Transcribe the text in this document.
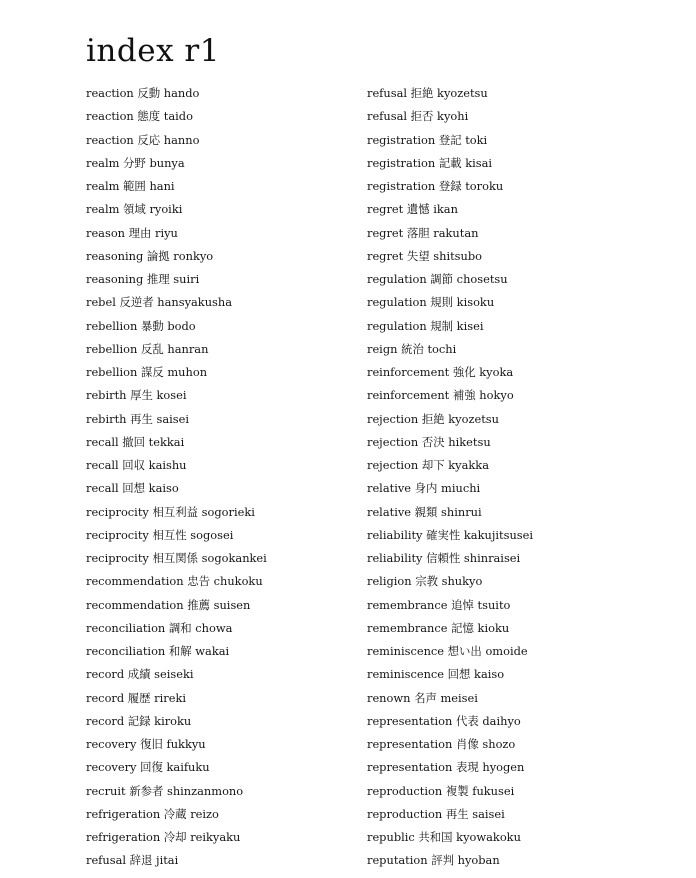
index r1
reaction 反動 hando
reaction 態度 taido
reaction 反応 hanno
realm 分野 bunya
realm 範囲 hani
realm 領域 ryoiki
reason 理由 riyu
reasoning 論拠 ronkyo
reasoning 推理 suiri
rebel 反逆者 hansyakusha
rebellion 暴動 bodo
rebellion 反乱 hanran
rebellion 謀反 muhon
rebirth 厚生 kosei
rebirth 再生 saisei
recall 撤回 tekkai
recall 回収 kaishu
recall 回想 kaiso
reciprocity 相互利益 sogorieki
reciprocity 相互性 sogosei
reciprocity 相互関係 sogokankei
recommendation 忠告 chukoku
recommendation 推薦 suisen
reconciliation 調和 chowa
reconciliation 和解 wakai
record 成績 seiseki
record 履歴 rireki
record 記録 kiroku
recovery 復旧 fukkyu
recovery 回復 kaifuku
recruit 新参者 shinzanmono
refrigeration 冷蔵 reizo
refrigeration 冷却 reikyaku
refusal 辞退 jitai
refusal 拒絶 kyozetsu
refusal 拒否 kyohi
registration 登記 toki
registration 記載 kisai
registration 登録 toroku
regret 遺憾 ikan
regret 落胆 rakutan
regret 失望 shitsubo
regulation 調節 chosetsu
regulation 規則 kisoku
regulation 規制 kisei
reign 統治 tochi
reinforcement 強化 kyoka
reinforcement 補強 hokyo
rejection 拒絶 kyozetsu
rejection 否決 hiketsu
rejection 却下 kyakka
relative 身内 miuchi
relative 親類 shinrui
reliability 確実性 kakujitsusei
reliability 信頼性 shinraisei
religion 宗教 shukyo
remembrance 追悼 tsuito
remembrance 記憶 kioku
reminiscence 想い出 omoide
reminiscence 回想 kaiso
renown 名声 meisei
representation 代表 daihyo
representation 肖像 shozo
representation 表現 hyogen
reproduction 複製 fukusei
reproduction 再生 saisei
republic 共和国 kyowakoku
reputation 評判 hyoban
